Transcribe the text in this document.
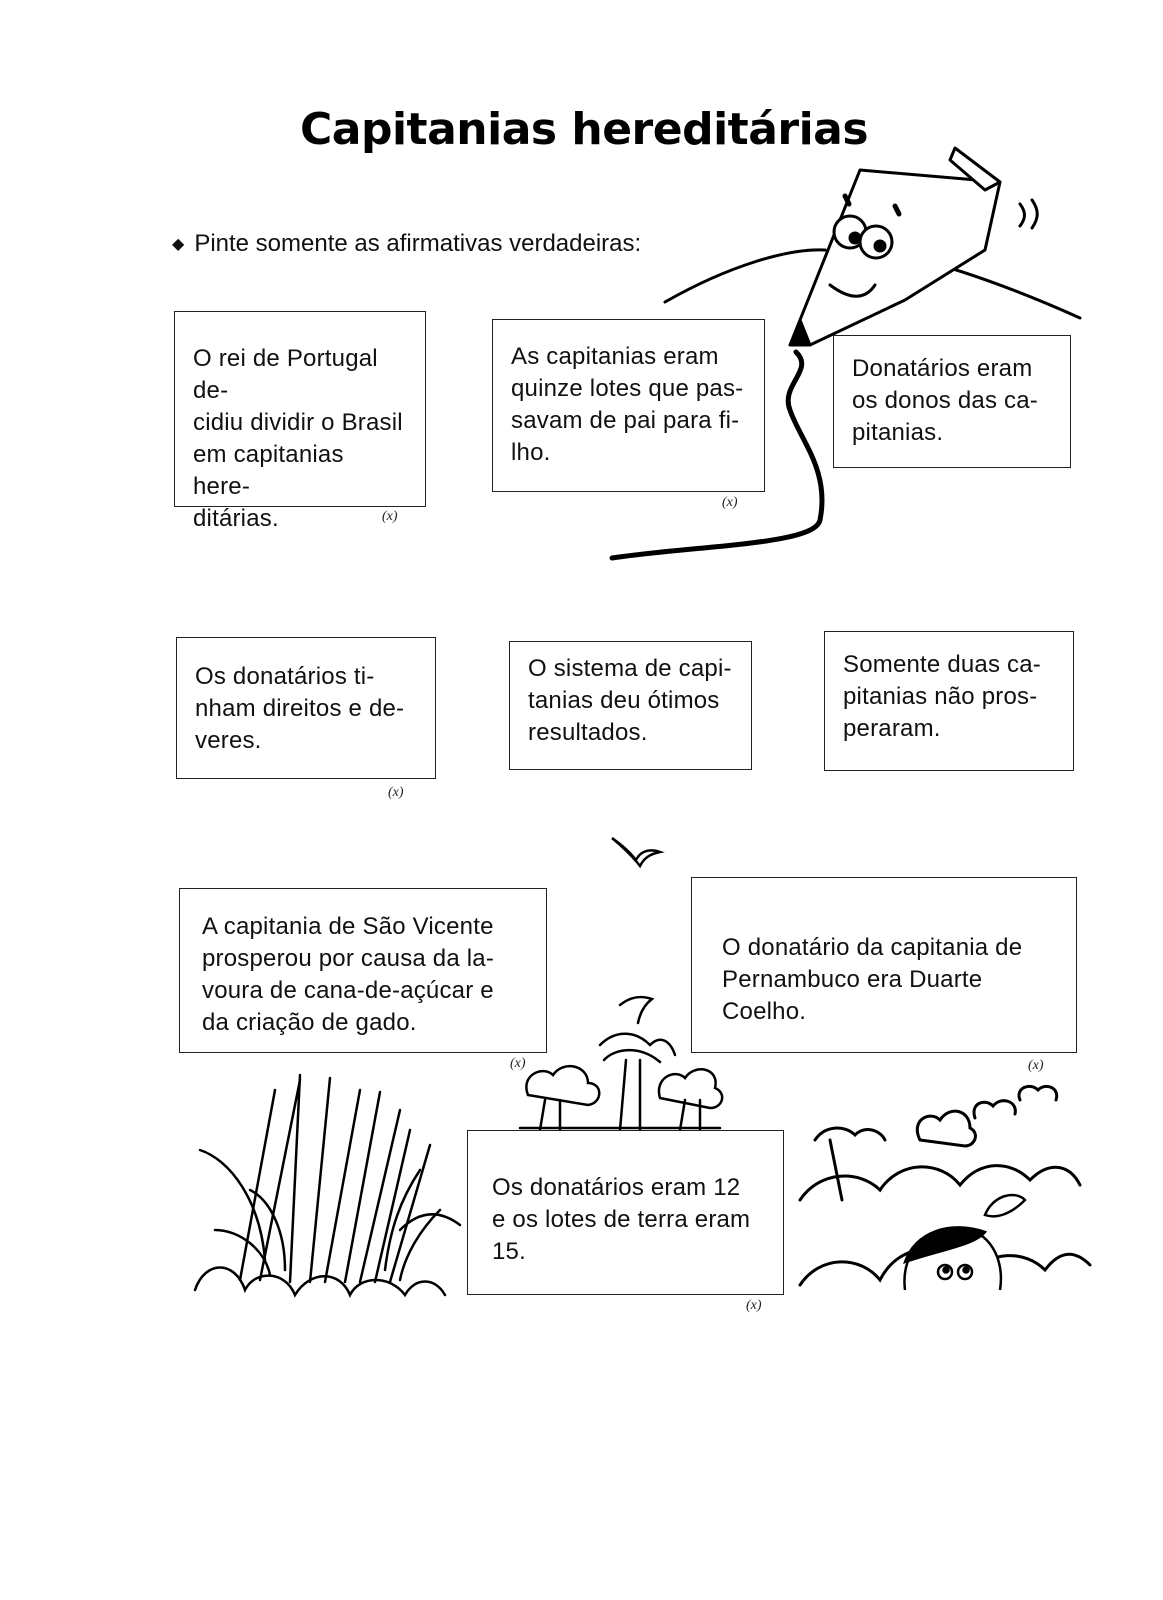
Capitanias hereditárias
◆ Pinte somente as afirmativas verdadeiras:
O rei de Portugal de-
cidiu dividir o Brasil
em capitanias here-
ditárias.	(x)
As capitanias eram
quinze lotes que pas-
savam de pai para fi-
lho.
(x)
Donatários eram
os donos das ca-
pitanias.
Os donatários ti-
nham direitos e de-
veres.
(x)
O sistema de capi-
tanias deu ótimos
resultados.
Somente duas ca-
pitanias não pros-
peraram.
A capitania de São Vicente
prosperou por causa da la-
voura de cana-de-açúcar e
da criação de gado.
(x)
O donatário da capitania de
Pernambuco era Duarte
Coelho.
(x)
Os donatários eram 12
e os lotes de terra eram
15.
(x)
